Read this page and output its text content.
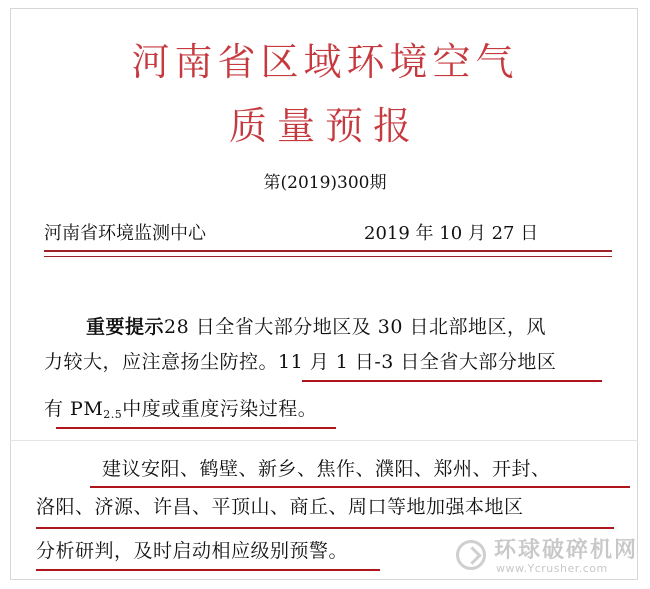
河南省区域环境空气
质量预报
第(2019)300期
河南省环境监测中心	2019 年 10 月 27 日
重要提示28 日全省大部分地区及 30 日北部地区，风
力较大，应注意扬尘防控。11 月 1 日-3 日全省大部分地区
有 $PM_{2.5}$中度或重度污染过程。
建议安阳、鹤壁、新乡、焦作、濮阳、郑州、开封、
洛阳、济源、许昌、平顶山、商丘、周口等地加强本地区
分析研判，及时启动相应级别预警。	环球破碎机网
www.Ycrusher.com
